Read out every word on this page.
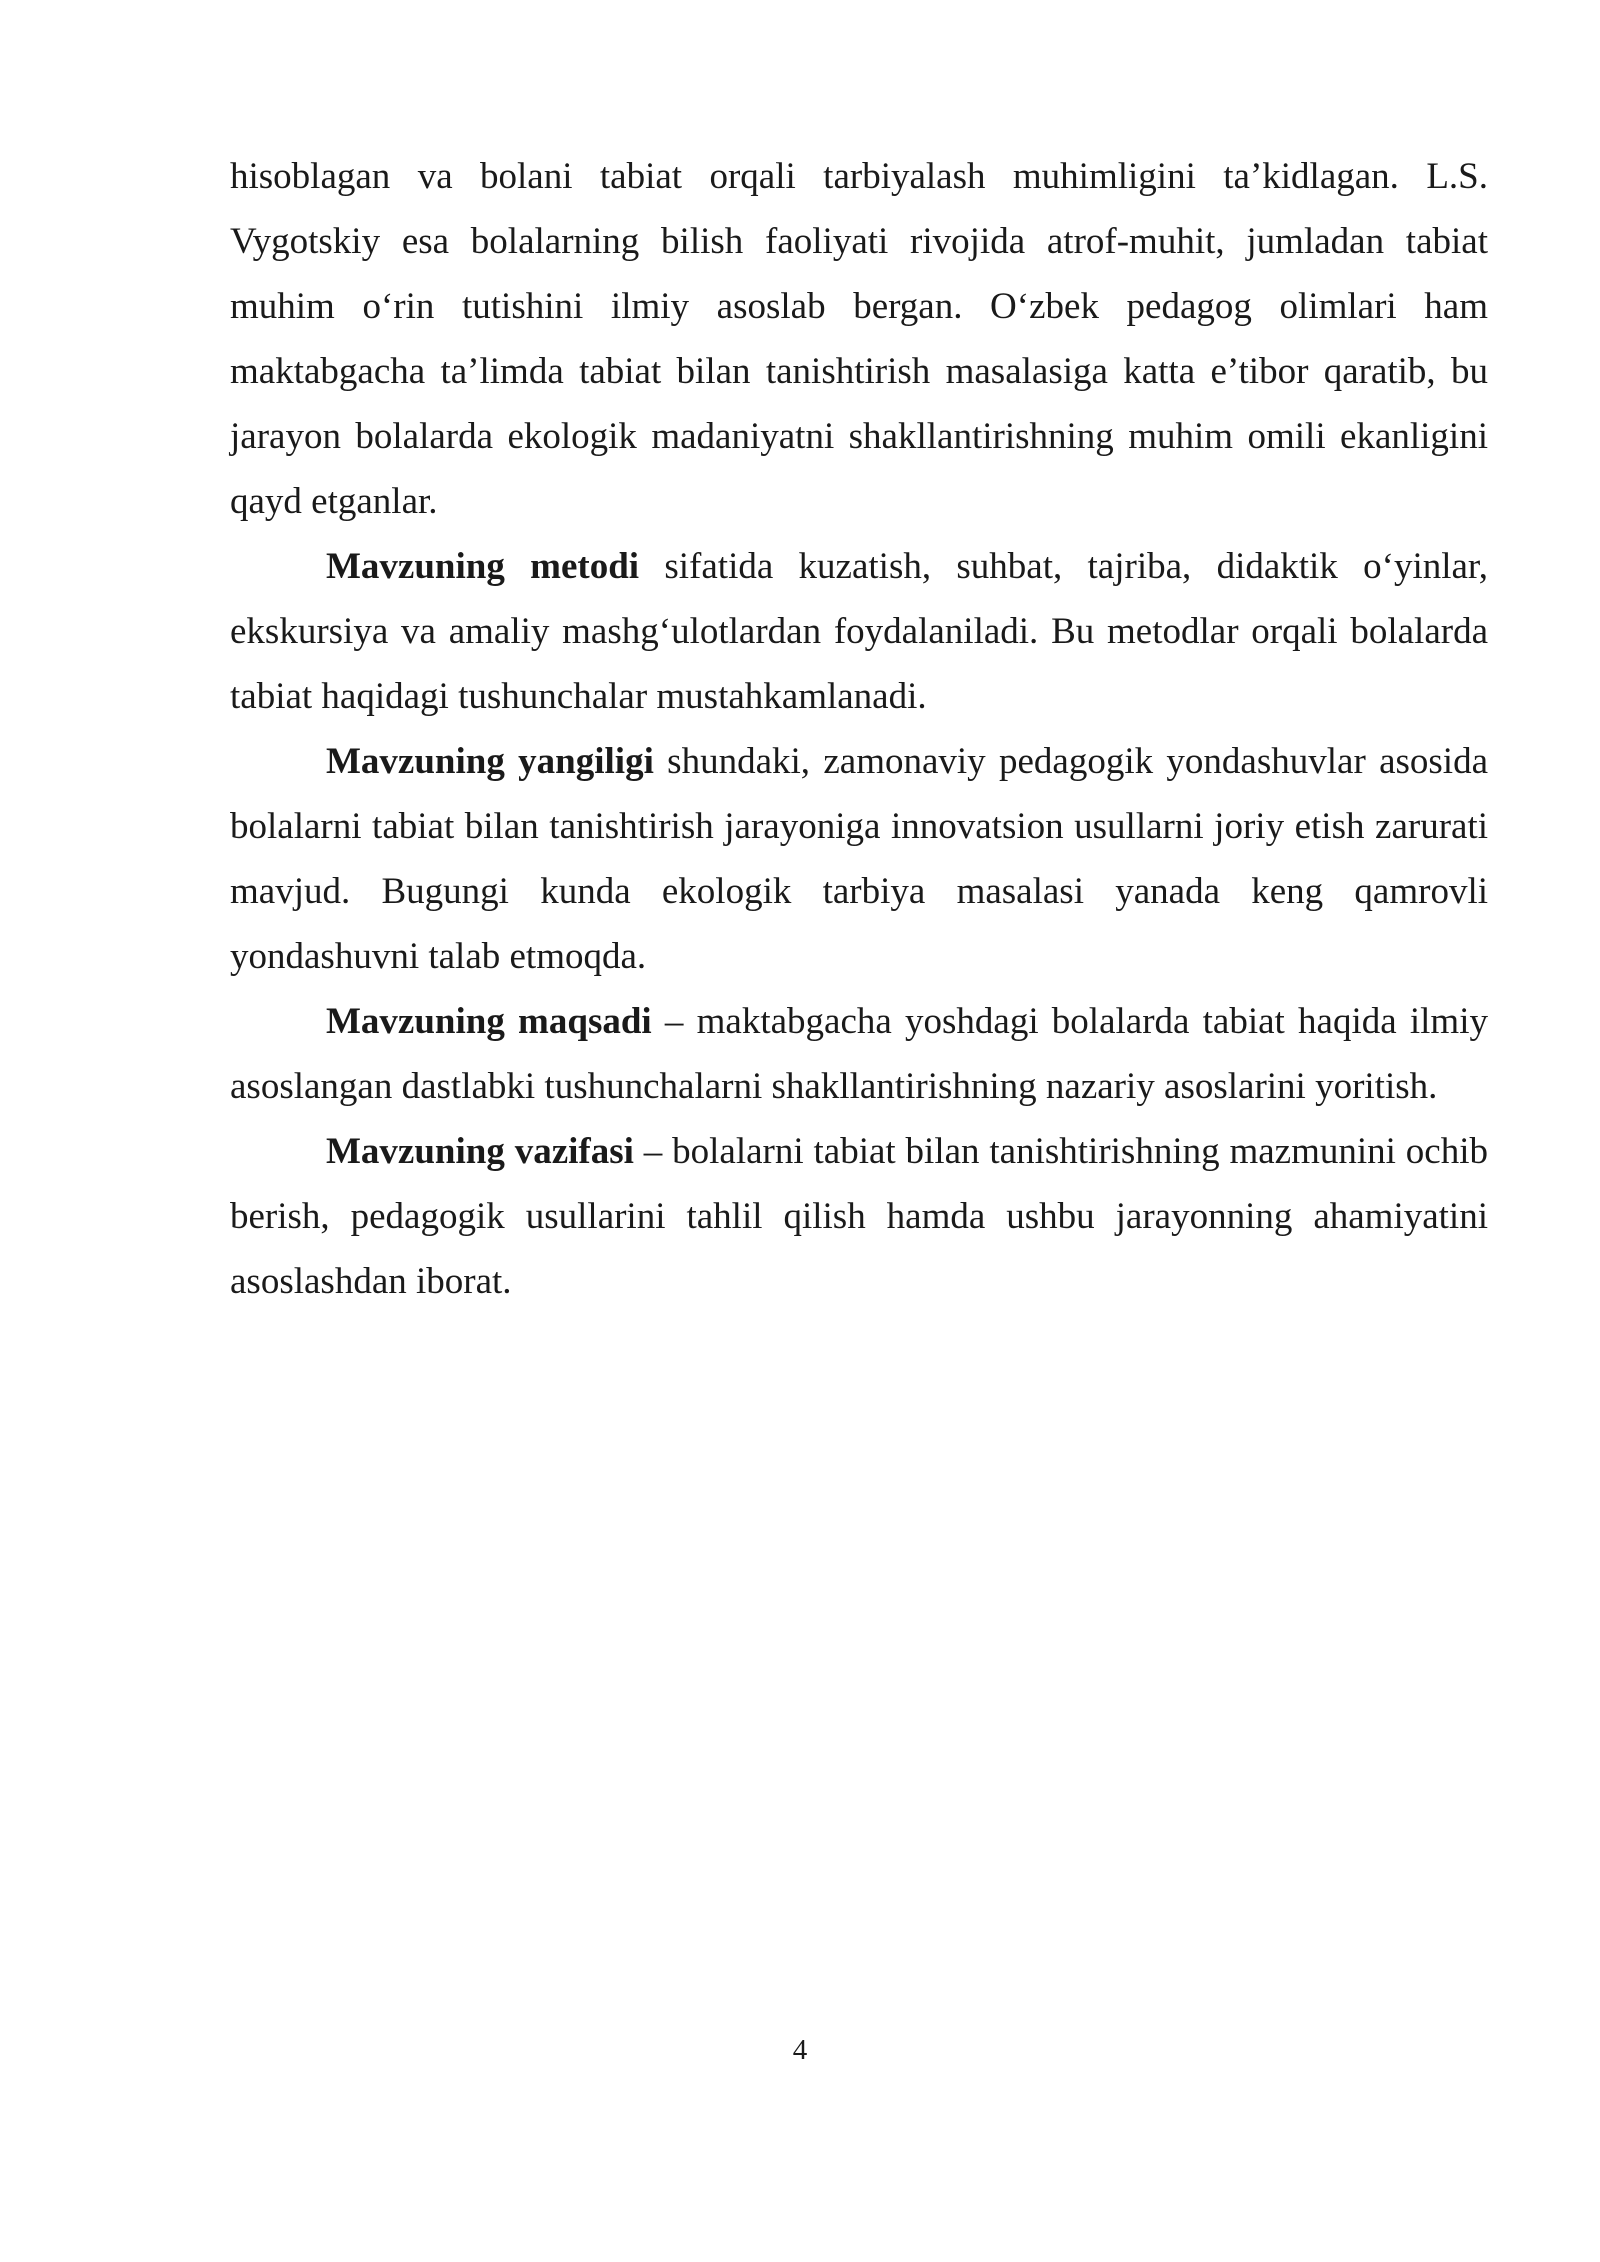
hisoblagan va bolani tabiat orqali tarbiyalash muhimligini ta’kidlagan. L.S. Vygotskiy esa bolalarning bilish faoliyati rivojida atrof-muhit, jumladan tabiat muhim o‘rin tutishini ilmiy asoslab bergan. O‘zbek pedagog olimlari ham maktabgacha ta’limda tabiat bilan tanishtirish masalasiga katta e’tibor qaratib, bu jarayon bolalarda ekologik madaniyatni shakllantirishning muhim omili ekanligini qayd etganlar.

Mavzuning metodi sifatida kuzatish, suhbat, tajriba, didaktik o‘yinlar, ekskursiya va amaliy mashg‘ulotlardan foydalaniladi. Bu metodlar orqali bolalarda tabiat haqidagi tushunchalar mustahkamlanadi.

Mavzuning yangiligi shundaki, zamonaviy pedagogik yondashuvlar asosida bolalarni tabiat bilan tanishtirish jarayoniga innovatsion usullarni joriy etish zarurati mavjud. Bugungi kunda ekologik tarbiya masalasi yanada keng qamrovli yondashuvni talab etmoqda.

Mavzuning maqsadi – maktabgacha yoshdagi bolalarda tabiat haqida ilmiy asoslangan dastlabki tushunchalarni shakllantirishning nazariy asoslarini yoritish.

Mavzuning vazifasi – bolalarni tabiat bilan tanishtirishning mazmunini ochib berish, pedagogik usullarini tahlil qilish hamda ushbu jarayonning ahamiyatini asoslashdan iborat.

4
